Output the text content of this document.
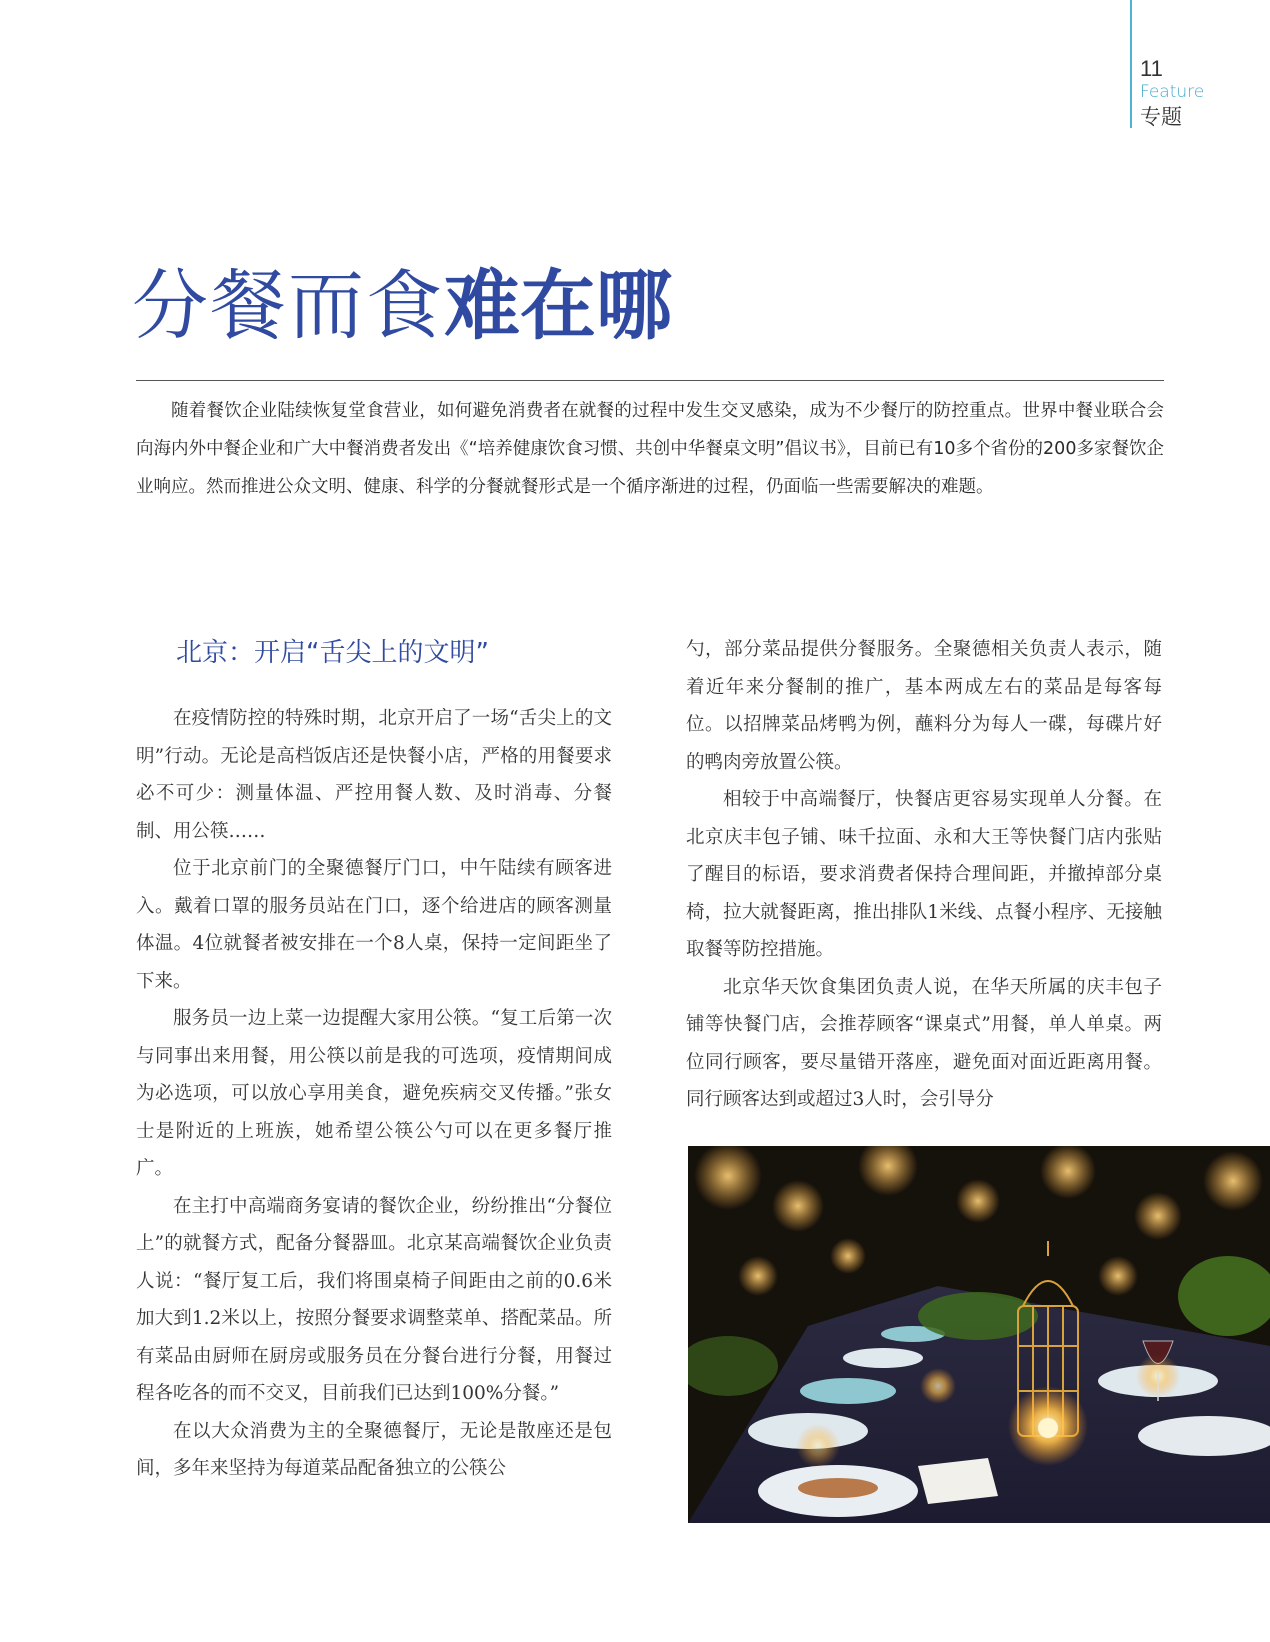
11
Feature
专题
分餐而食难在哪

随着餐饮企业陆续恢复堂食营业，如何避免消费者在就餐的过程中发生交叉感染，成为不少餐厅的防控重点。世界中餐业联合会向海内外中餐企业和广大中餐消费者发出《“培养健康饮食习惯、共创中华餐桌文明”倡议书》，目前已有10多个省份的200多家餐饮企业响应。然而推进公众文明、健康、科学的分餐就餐形式是一个循序渐进的过程，仍面临一些需要解决的难题。

北京：开启“舌尖上的文明”

在疫情防控的特殊时期，北京开启了一场“舌尖上的文明”行动。无论是高档饭店还是快餐小店，严格的用餐要求必不可少：测量体温、严控用餐人数、及时消毒、分餐制、用公筷……

位于北京前门的全聚德餐厅门口，中午陆续有顾客进入。戴着口罩的服务员站在门口，逐个给进店的顾客测量体温。4位就餐者被安排在一个8人桌，保持一定间距坐了下来。

服务员一边上菜一边提醒大家用公筷。“复工后第一次与同事出来用餐，用公筷以前是我的可选项，疫情期间成为必选项，可以放心享用美食，避免疾病交叉传播。”张女士是附近的上班族，她希望公筷公勺可以在更多餐厅推广。

在主打中高端商务宴请的餐饮企业，纷纷推出“分餐位上”的就餐方式，配备分餐器皿。北京某高端餐饮企业负责人说：“餐厅复工后，我们将围桌椅子间距由之前的0.6米加大到1.2米以上，按照分餐要求调整菜单、搭配菜品。所有菜品由厨师在厨房或服务员在分餐台进行分餐，用餐过程各吃各的而不交叉，目前我们已达到100%分餐。”

在以大众消费为主的全聚德餐厅，无论是散座还是包间，多年来坚持为每道菜品配备独立的公筷公

勺，部分菜品提供分餐服务。全聚德相关负责人表示，随着近年来分餐制的推广，基本两成左右的菜品是每客每位。以招牌菜品烤鸭为例，蘸料分为每人一碟，每碟片好的鸭肉旁放置公筷。

相较于中高端餐厅，快餐店更容易实现单人分餐。在北京庆丰包子铺、味千拉面、永和大王等快餐门店内张贴了醒目的标语，要求消费者保持合理间距，并撤掉部分桌椅，拉大就餐距离，推出排队1米线、点餐小程序、无接触取餐等防控措施。

北京华天饮食集团负责人说，在华天所属的庆丰包子铺等快餐门店，会推荐顾客“课桌式”用餐，单人单桌。两位同行顾客，要尽量错开落座，避免面对面近距离用餐。同行顾客达到或超过3人时，会引导分
